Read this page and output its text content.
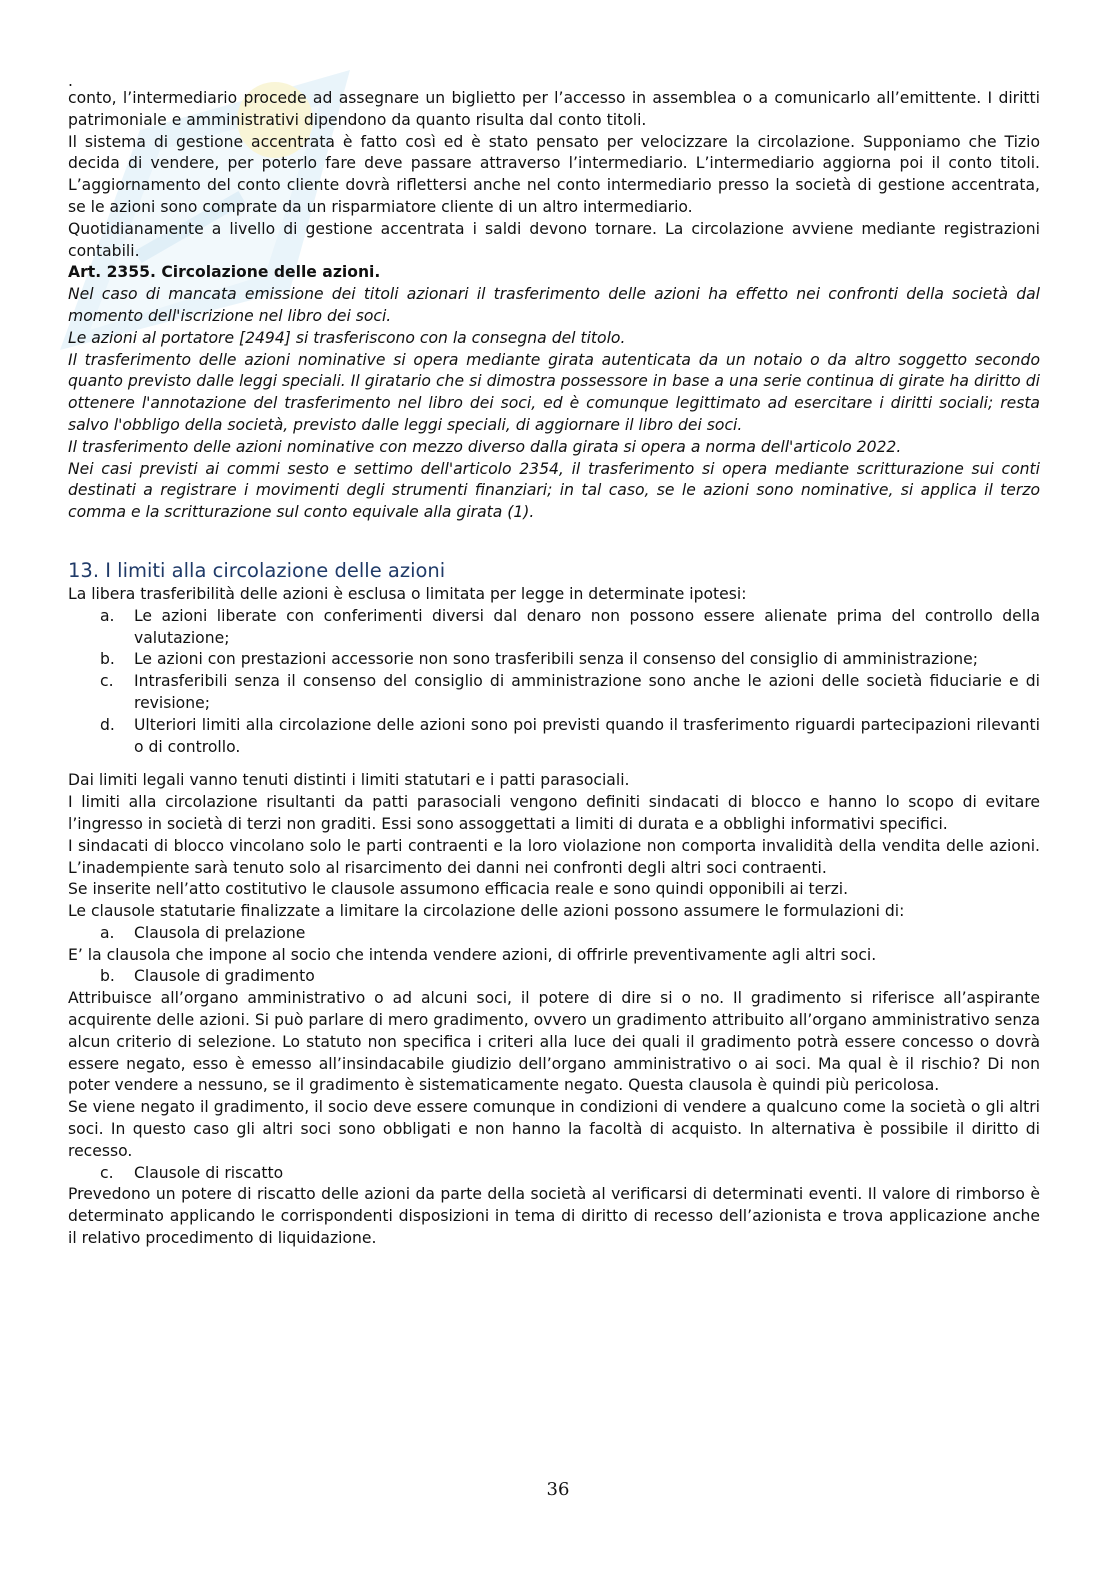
.

conto, l’intermediario procede ad assegnare un biglietto per l’accesso in assemblea o a comunicarlo all’emittente. I diritti patrimoniale e amministrativi dipendono da quanto risulta dal conto titoli.

Il sistema di gestione accentrata è fatto così ed è stato pensato per velocizzare la circolazione. Supponiamo che Tizio decida di vendere, per poterlo fare deve passare attraverso l’intermediario. L’intermediario aggiorna poi il conto titoli. L’aggiornamento del conto cliente dovrà riflettersi anche nel conto intermediario presso la società di gestione accentrata, se le azioni sono comprate da un risparmiatore cliente di un altro intermediario.

Quotidianamente a livello di gestione accentrata i saldi devono tornare. La circolazione avviene mediante registrazioni contabili.

Art. 2355. Circolazione delle azioni.

Nel caso di mancata emissione dei titoli azionari il trasferimento delle azioni ha effetto nei confronti della società dal momento dell'iscrizione nel libro dei soci.

Le azioni al portatore [2494] si trasferiscono con la consegna del titolo.

Il trasferimento delle azioni nominative si opera mediante girata autenticata da un notaio o da altro soggetto secondo quanto previsto dalle leggi speciali. Il giratario che si dimostra possessore in base a una serie continua di girate ha diritto di ottenere l'annotazione del trasferimento nel libro dei soci, ed è comunque legittimato ad esercitare i diritti sociali; resta salvo l'obbligo della società, previsto dalle leggi speciali, di aggiornare il libro dei soci.

Il trasferimento delle azioni nominative con mezzo diverso dalla girata si opera a norma dell'articolo 2022.

Nei casi previsti ai commi sesto e settimo dell'articolo 2354, il trasferimento si opera mediante scritturazione sui conti destinati a registrare i movimenti degli strumenti finanziari; in tal caso, se le azioni sono nominative, si applica il terzo comma e la scritturazione sul conto equivale alla girata (1).

13. I limiti alla circolazione delle azioni

La libera trasferibilità delle azioni è esclusa o limitata per legge in determinate ipotesi:

a. Le azioni liberate con conferimenti diversi dal denaro non possono essere alienate prima del controllo della valutazione;
b. Le azioni con prestazioni accessorie non sono trasferibili senza il consenso del consiglio di amministrazione;
c. Intrasferibili senza il consenso del consiglio di amministrazione sono anche le azioni delle società fiduciarie e di revisione;
d. Ulteriori limiti alla circolazione delle azioni sono poi previsti quando il trasferimento riguardi partecipazioni rilevanti o di controllo.

Dai limiti legali vanno tenuti distinti i limiti statutari e i patti parasociali.

I limiti alla circolazione risultanti da patti parasociali vengono definiti sindacati di blocco e hanno lo scopo di evitare l’ingresso in società di terzi non graditi. Essi sono assoggettati a limiti di durata e a obblighi informativi specifici.

I sindacati di blocco vincolano solo le parti contraenti e la loro violazione non comporta invalidità della vendita delle azioni. L’inadempiente sarà tenuto solo al risarcimento dei danni nei confronti degli altri soci contraenti.

Se inserite nell’atto costitutivo le clausole assumono efficacia reale e sono quindi opponibili ai terzi.

Le clausole statutarie finalizzate a limitare la circolazione delle azioni possono assumere le formulazioni di:

a. Clausola di prelazione

E’ la clausola che impone al socio che intenda vendere azioni, di offrirle preventivamente agli altri soci.

b. Clausole di gradimento

Attribuisce all’organo amministrativo o ad alcuni soci, il potere di dire si o no. Il gradimento si riferisce all’aspirante acquirente delle azioni. Si può parlare di mero gradimento, ovvero un gradimento attribuito all’organo amministrativo senza alcun criterio di selezione. Lo statuto non specifica i criteri alla luce dei quali il gradimento potrà essere concesso o dovrà essere negato, esso è emesso all’insindacabile giudizio dell’organo amministrativo o ai soci. Ma qual è il rischio? Di non poter vendere a nessuno, se il gradimento è sistematicamente negato. Questa clausola è quindi più pericolosa.

Se viene negato il gradimento, il socio deve essere comunque in condizioni di vendere a qualcuno come la società o gli altri soci. In questo caso gli altri soci sono obbligati e non hanno la facoltà di acquisto. In alternativa è possibile il diritto di recesso.

c. Clausole di riscatto

Prevedono un potere di riscatto delle azioni da parte della società al verificarsi di determinati eventi. Il valore di rimborso è determinato applicando le corrispondenti disposizioni in tema di diritto di recesso dell’azionista e trova applicazione anche il relativo procedimento di liquidazione.

36
